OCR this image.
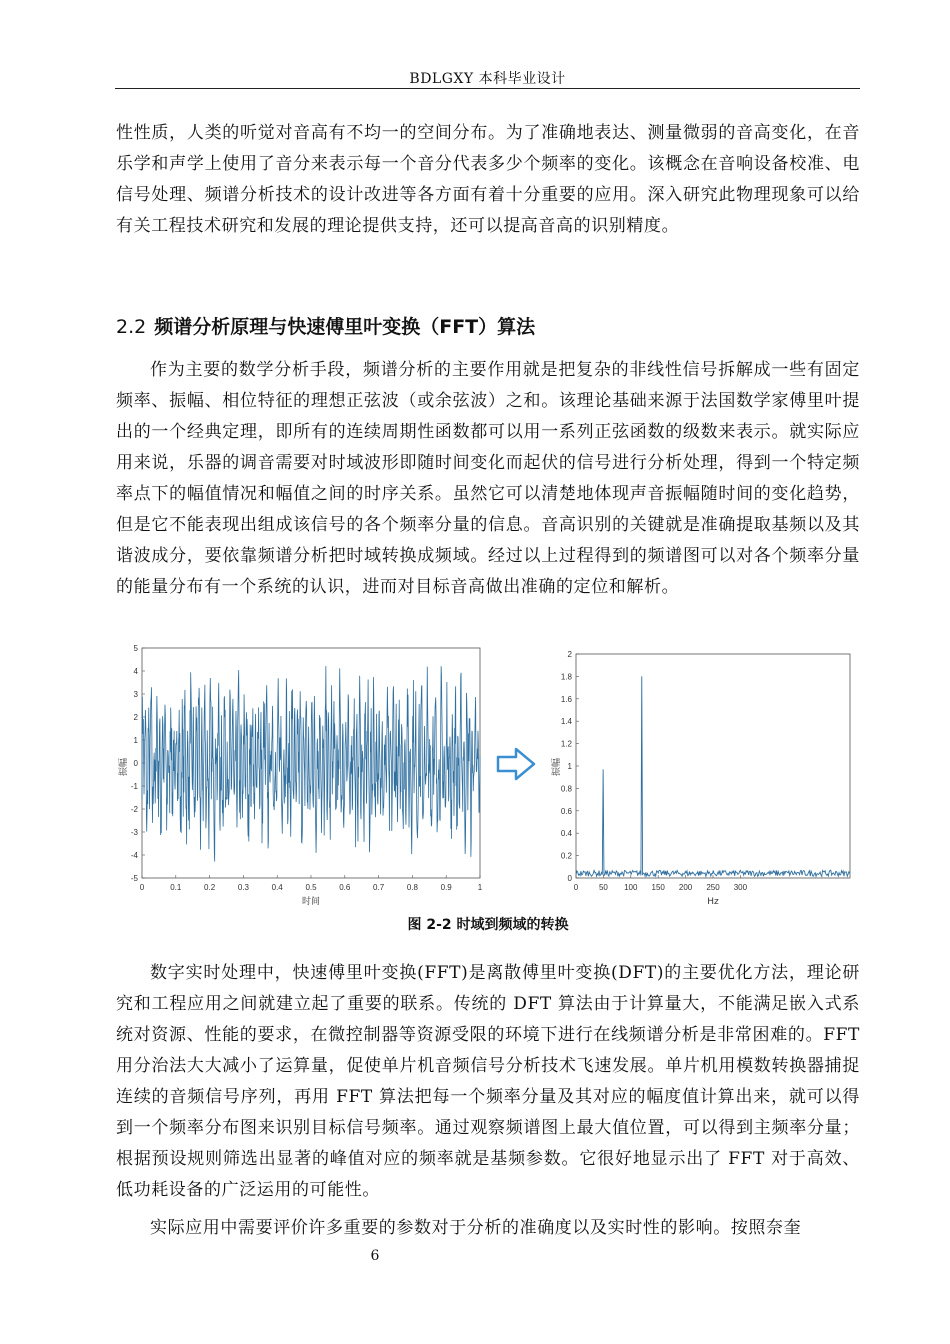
BDLGXY 本科毕业设计

性性质，人类的听觉对音高有不均一的空间分布。为了准确地表达、测量微弱的音高变化，在音乐学和声学上使用了音分来表示每一个音分代表多少个频率的变化。该概念在音响设备校准、电信号处理、频谱分析技术的设计改进等各方面有着十分重要的应用。深入研究此物理现象可以给有关工程技术研究和发展的理论提供支持，还可以提高音高的识别精度。

2.2 频谱分析原理与快速傅里叶变换（FFT）算法

作为主要的数学分析手段，频谱分析的主要作用就是把复杂的非线性信号拆解成一些有固定频率、振幅、相位特征的理想正弦波（或余弦波）之和。该理论基础来源于法国数学家傅里叶提出的一个经典定理，即所有的连续周期性函数都可以用一系列正弦函数的级数来表示。就实际应用来说，乐器的调音需要对时域波形即随时间变化而起伏的信号进行分析处理，得到一个特定频率点下的幅值情况和幅值之间的时序关系。虽然它可以清楚地体现声音振幅随时间的变化趋势，但是它不能表现出组成该信号的各个频率分量的信息。音高识别的关键就是准确提取基频以及其谐波成分，要依靠频谱分析把时域转换成频域。经过以上过程得到的频谱图可以对各个频率分量的能量分布有一个系统的认识，进而对目标音高做出准确的定位和解析。

-5
-4
-3
-2
-1
0
1
2
3
4
5
0	0.1	0.2	0.3	0.4	0.5	0.6	0.7	0.8	0.9	1
时间
振幅
0
0.2
0.4
0.6
0.8
1
1.2
1.4
1.6
1.8
2
0	50 100 150 200 250 300
Hz
振幅
图 2-2 时域到频域的转换

数字实时处理中，快速傅里叶变换(FFT)是离散傅里叶变换(DFT)的主要优化方法，理论研究和工程应用之间就建立起了重要的联系。传统的 DFT 算法由于计算量大，不能满足嵌入式系统对资源、性能的要求，在微控制器等资源受限的环境下进行在线频谱分析是非常困难的。FFT 用分治法大大减小了运算量，促使单片机音频信号分析技术飞速发展。单片机用模数转换器捕捉连续的音频信号序列，再用 FFT 算法把每一个频率分量及其对应的幅度值计算出来，就可以得到一个频率分布图来识别目标信号频率。通过观察频谱图上最大值位置，可以得到主频率分量；根据预设规则筛选出显著的峰值对应的频率就是基频参数。它很好地显示出了 FFT 对于高效、低功耗设备的广泛运用的可能性。

实际应用中需要评价许多重要的参数对于分析的准确度以及实时性的影响。按照奈奎

6
